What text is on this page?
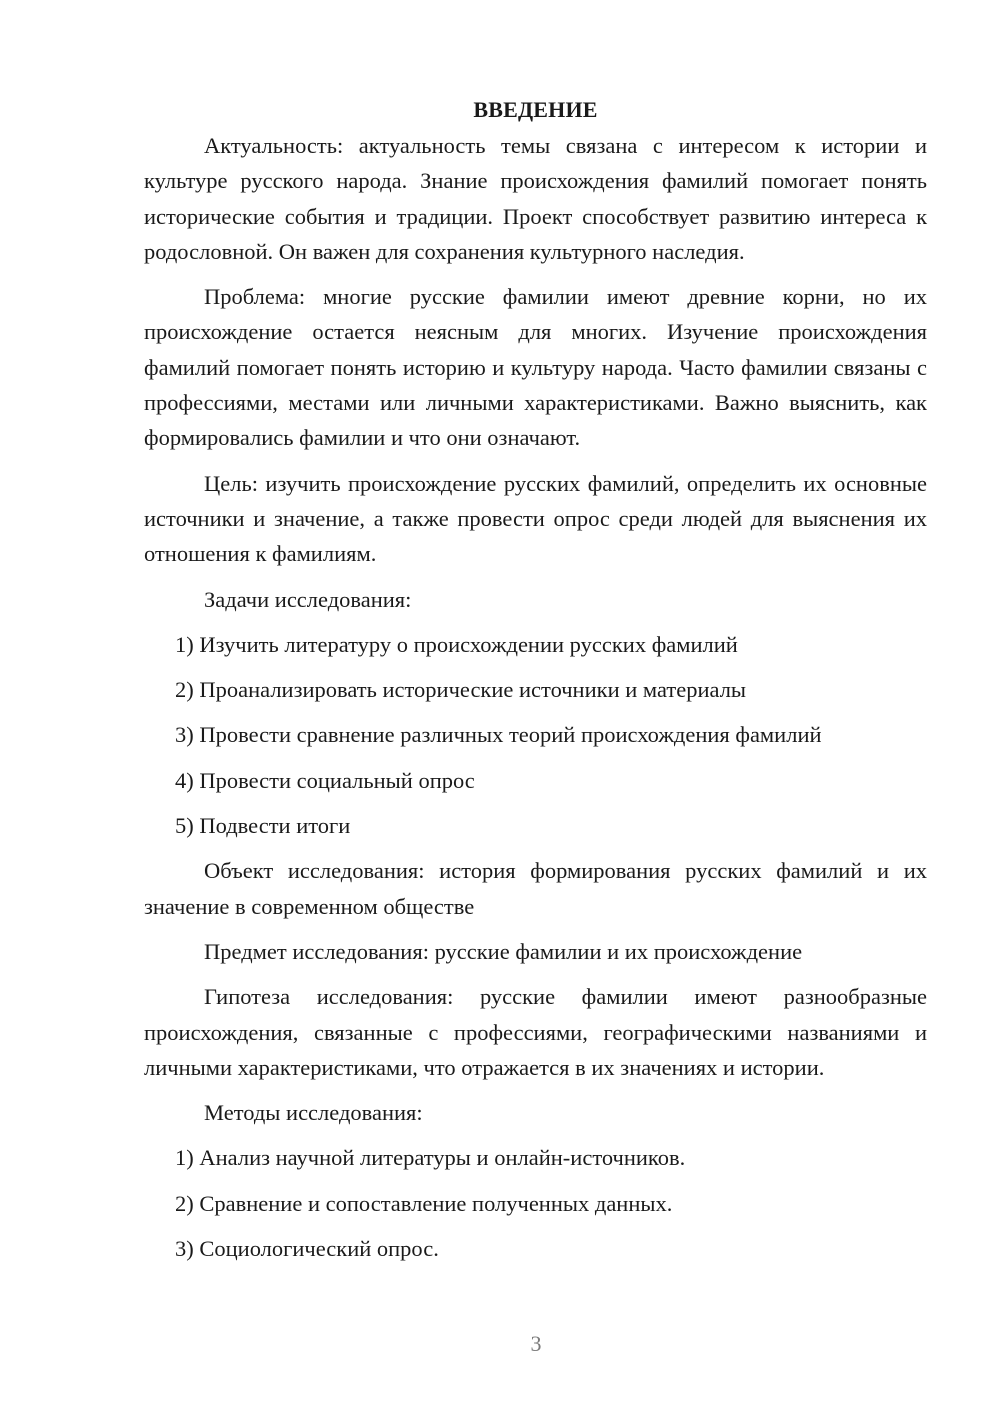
ВВЕДЕНИЕ

Актуальность: актуальность темы связана с интересом к истории и культуре русского народа. Знание происхождения фамилий помогает понять исторические события и традиции. Проект способствует развитию интереса к родословной. Он важен для сохранения культурного наследия.

Проблема: многие русские фамилии имеют древние корни, но их происхождение остается неясным для многих. Изучение происхождения фамилий помогает понять историю и культуру народа. Часто фамилии связаны с профессиями, местами или личными характеристиками. Важно выяснить, как формировались фамилии и что они означают.

Цель: изучить происхождение русских фамилий, определить их основные источники и значение, а также провести опрос среди людей для выяснения их отношения к фамилиям.

Задачи исследования:

1) Изучить литературу о происхождении русских фамилий
2) Проанализировать исторические источники и материалы
3) Провести сравнение различных теорий происхождения фамилий
4) Провести социальный опрос
5) Подвести итоги

Объект исследования: история формирования русских фамилий и их значение в современном обществе

Предмет исследования: русские фамилии и их происхождение

Гипотеза исследования: русские фамилии имеют разнообразные происхождения, связанные с профессиями, географическими названиями и личными характеристиками, что отражается в их значениях и истории.

Методы исследования:

1) Анализ научной литературы и онлайн-источников.
2) Сравнение и сопоставление полученных данных.
3) Социологический опрос.
3
